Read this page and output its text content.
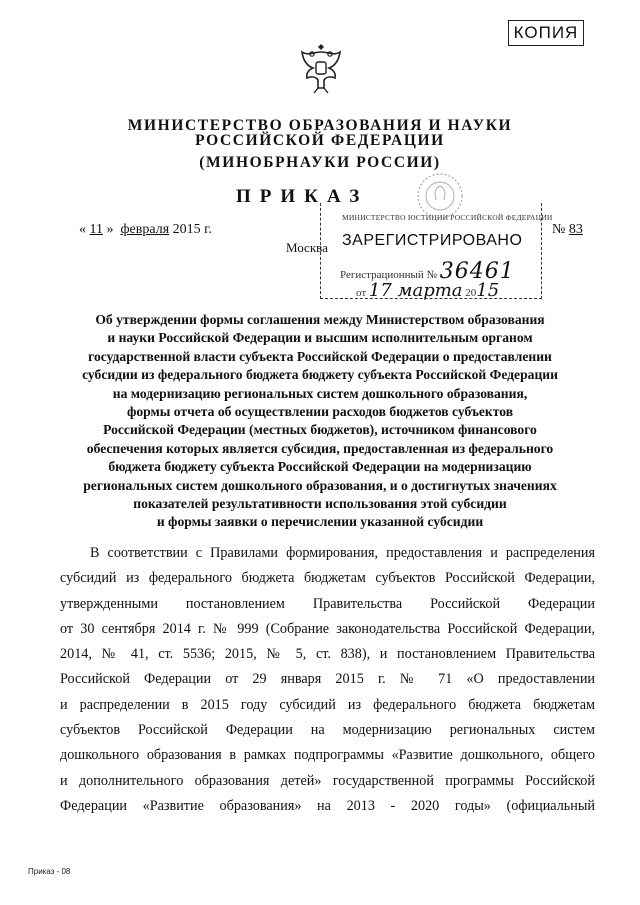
КОПИЯ
МИНИСТЕРСТВО ОБРАЗОВАНИЯ И НАУКИ
РОССИЙСКОЙ ФЕДЕРАЦИИ
(МИНОБРНАУКИ РОССИИ)
ПРИКАЗ
МИНИСТЕРСТВО ЮСТИЦИИ РОССИЙСКОЙ ФЕДЕРАЦИИ
ЗАРЕГИСТРИРОВАНО
Регистрационный № 36461
от 17 марта 2015
« 11 » февраля 2015 г.
Москва
№ 83
Об утверждении формы соглашения между Министерством образования
и науки Российской Федерации и высшим исполнительным органом
государственной власти субъекта Российской Федерации о предоставлении
субсидии из федерального бюджета бюджету субъекта Российской Федерации
на модернизацию региональных систем дошкольного образования,
формы отчета об осуществлении расходов бюджетов субъектов
Российской Федерации (местных бюджетов), источником финансового
обеспечения которых является субсидия, предоставленная из федерального
бюджета бюджету субъекта Российской Федерации на модернизацию
региональных систем дошкольного образования, и о достигнутых значениях
показателей результативности использования этой субсидии
и формы заявки о перечислении указанной субсидии
В соответствии с Правилами формирования, предоставления и распределения
субсидий из федерального бюджета бюджетам субъектов Российской Федерации,
утвержденными постановлением Правительства Российской Федерации
от 30 сентября 2014 г. № 999 (Собрание законодательства Российской Федерации,
2014, № 41, ст. 5536; 2015, № 5, ст. 838), и постановлением Правительства
Российской Федерации от 29 января 2015 г. № 71 «О предоставлении
и распределении в 2015 году субсидий из федерального бюджета бюджетам
субъектов Российской Федерации на модернизацию региональных систем
дошкольного образования в рамках подпрограммы «Развитие дошкольного, общего
и дополнительного образования детей» государственной программы Российской
Федерации «Развитие образования» на 2013 - 2020 годы» (официальный
Приказ - 08
